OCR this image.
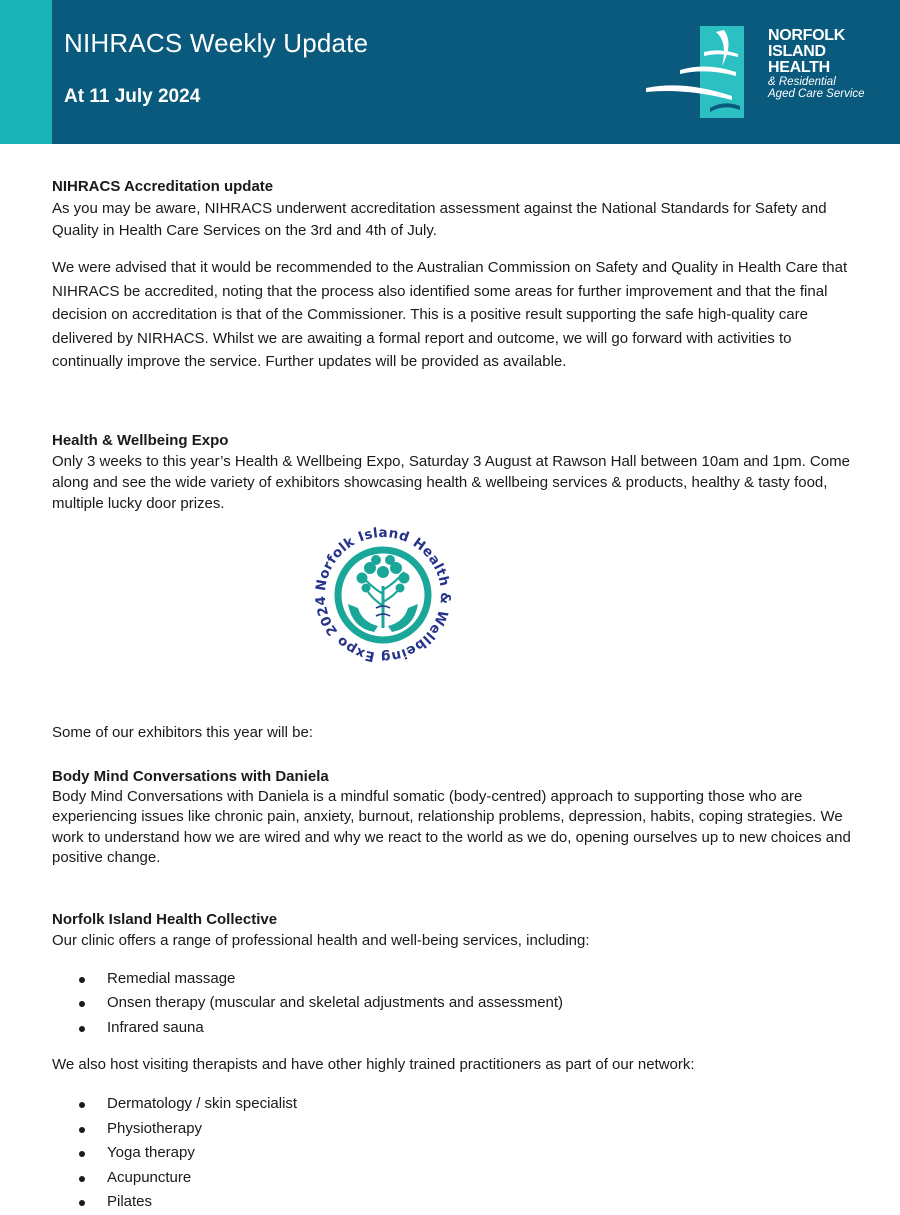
NIHRACS Weekly Update
At 11 July 2024
NORFOLK
ISLAND
HEALTH
& Residential
Aged Care Service

NIHRACS Accreditation update

As you may be aware, NIHRACS underwent accreditation assessment against the National Standards for Safety and Quality in Health Care Services on the 3rd and 4th of July.

We were advised that it would be recommended to the Australian Commission on Safety and Quality in Health Care that NIHRACS be accredited, noting that the process also identified some areas for further improvement and that the final decision on accreditation is that of the Commissioner. This is a positive result supporting the safe high-quality care delivered by NIRHACS. Whilst we are awaiting a formal report and outcome, we will go forward with activities to continually improve the service. Further updates will be provided as available.

Health & Wellbeing Expo

Only 3 weeks to this year’s Health & Wellbeing Expo, Saturday 3 August at Rawson Hall between 10am and 1pm. Come along and see the wide variety of exhibitors showcasing health & wellbeing services & products, healthy & tasty food, multiple lucky door prizes.

Norfolk Island Health & Wellbeing Expo 2024

Some of our exhibitors this year will be:

Body Mind Conversations with Daniela

Body Mind Conversations with Daniela is a mindful somatic (body-centred) approach to supporting those who are experiencing issues like chronic pain, anxiety, burnout, relationship problems, depression, habits, coping strategies. We work to understand how we are wired and why we react to the world as we do, opening ourselves up to new choices and positive change.

Norfolk Island Health Collective

Our clinic offers a range of professional health and well-being services, including:

Remedial massage
Onsen therapy (muscular and skeletal adjustments and assessment)
Infrared sauna

We also host visiting therapists and have other highly trained practitioners as part of our network:

Dermatology / skin specialist
Physiotherapy
Yoga therapy
Acupuncture
Pilates
